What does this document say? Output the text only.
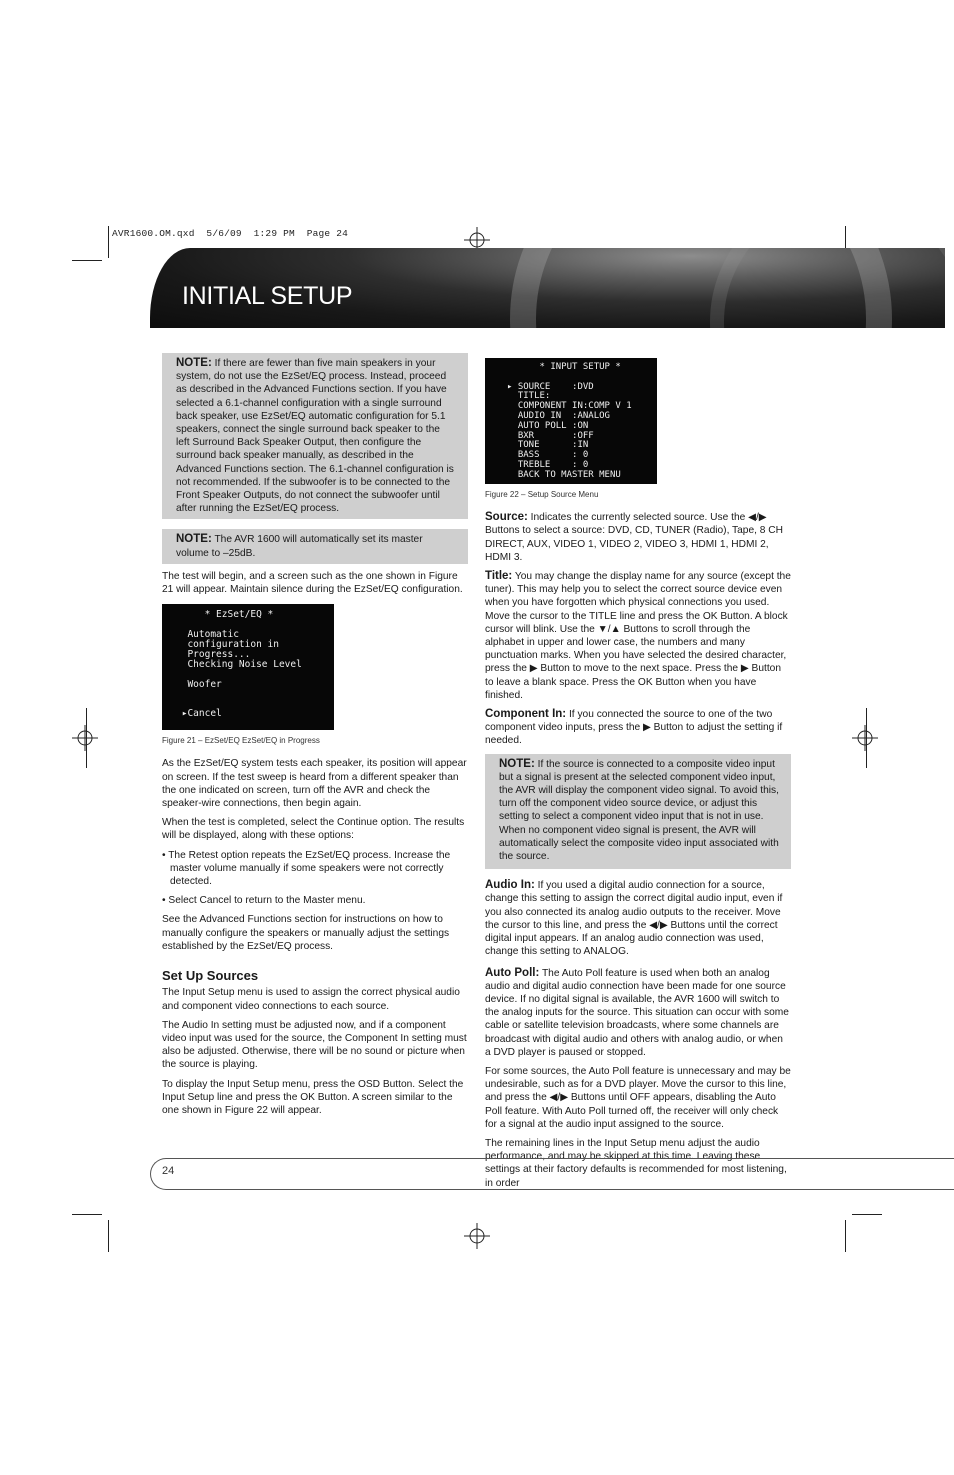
AVR1600.OM.qxd  5/6/09  1:29 PM  Page 24
INITIAL SETUP
NOTE: If there are fewer than five main speakers in your system, do not use the EzSet/EQ process. Instead, proceed as described in the Advanced Functions section. If you have selected a 6.1-channel configuration with a single surround back speaker, use EzSet/EQ automatic configuration for 5.1 speakers, connect the single surround back speaker to the left Surround Back Speaker Output, then configure the surround back speaker manually, as described in the Advanced Functions section. The 6.1-channel configuration is not recommended. If the subwoofer is to be connected to the Front Speaker Outputs, do not connect the subwoofer until after running the EzSet/EQ process.
NOTE: The AVR 1600 will automatically set its master volume to –25dB.

The test will begin, and a screen such as the one shown in Figure 21 will appear. Maintain silence during the EzSet/EQ configuration.

* EzSet/EQ *

Automatic
configuration in
Progress...
Checking Noise Level

Woofer

▸Cancel
Figure 21 – EzSet/EQ EzSet/EQ in Progress

As the EzSet/EQ system tests each speaker, its position will appear on screen. If the test sweep is heard from a different speaker than the one indicated on screen, turn off the AVR and check the speaker-wire connections, then begin again.

When the test is completed, select the Continue option. The results will be displayed, along with these options:

• The Retest option repeats the EzSet/EQ process. Increase the master volume manually if some speakers were not correctly detected.

• Select Cancel to return to the Master menu.

See the Advanced Functions section for instructions on how to manually configure the speakers or manually adjust the settings established by the EzSet/EQ process.

Set Up Sources

The Input Setup menu is used to assign the correct physical audio and component video connections to each source.

The Audio In setting must be adjusted now, and if a component video input was used for the source, the Component In setting must also be adjusted. Otherwise, there will be no sound or picture when the source is playing.

To display the Input Setup menu, press the OSD Button. Select the Input Setup line and press the OK Button. A screen similar to the one shown in Figure 22 will appear.

* INPUT SETUP *

▸ SOURCE    :DVD
TITLE:
COMPONENT IN:COMP V 1
AUDIO IN  :ANALOG
AUTO POLL :ON
BXR       :OFF
TONE      :IN
BASS      : 0
TREBLE    : 0
BACK TO MASTER MENU
Figure 22 – Setup Source Menu

Source: Indicates the currently selected source. Use the ◀/▶ Buttons to select a source: DVD, CD, TUNER (Radio), Tape, 8 CH DIRECT, AUX, VIDEO 1, VIDEO 2, VIDEO 3, HDMI 1, HDMI 2, HDMI 3.

Title: You may change the display name for any source (except the tuner). This may help you to select the correct source device even when you have forgotten which physical connections you used. Move the cursor to the TITLE line and press the OK Button. A block cursor will blink. Use the ▼/▲ Buttons to scroll through the alphabet in upper and lower case, the numbers and many punctuation marks. When you have selected the desired character, press the ▶ Button to move to the next space. Press the ▶ Button to leave a blank space. Press the OK Button when you have finished.

Component In: If you connected the source to one of the two component video inputs, press the ▶ Button to adjust the setting if needed.

NOTE: If the source is connected to a composite video input but a signal is present at the selected component video input, the AVR will display the component video signal. To avoid this, turn off the component video source device, or adjust this setting to select a component video input that is not in use. When no component video signal is present, the AVR will automatically select the composite video input associated with the source.

Audio In: If you used a digital audio connection for a source, change this setting to assign the correct digital audio input, even if you also connected its analog audio outputs to the receiver. Move the cursor to this line, and press the ◀/▶ Buttons until the correct digital input appears. If an analog audio connection was used, change this setting to ANALOG.

Auto Poll: The Auto Poll feature is used when both an analog audio and digital audio connection have been made for one source device. If no digital signal is available, the AVR 1600 will switch to the analog inputs for the source. This situation can occur with some cable or satellite television broadcasts, where some channels are broadcast with digital audio and others with analog audio, or when a DVD player is paused or stopped.

For some sources, the Auto Poll feature is unnecessary and may be undesirable, such as for a DVD player. Move the cursor to this line, and press the ◀/▶ Buttons until OFF appears, disabling the Auto Poll feature. With Auto Poll turned off, the receiver will only check for a signal at the audio input assigned to the source.

The remaining lines in the Input Setup menu adjust the audio performance, and may be skipped at this time. Leaving these settings at their factory defaults is recommended for most listening, in order

24
